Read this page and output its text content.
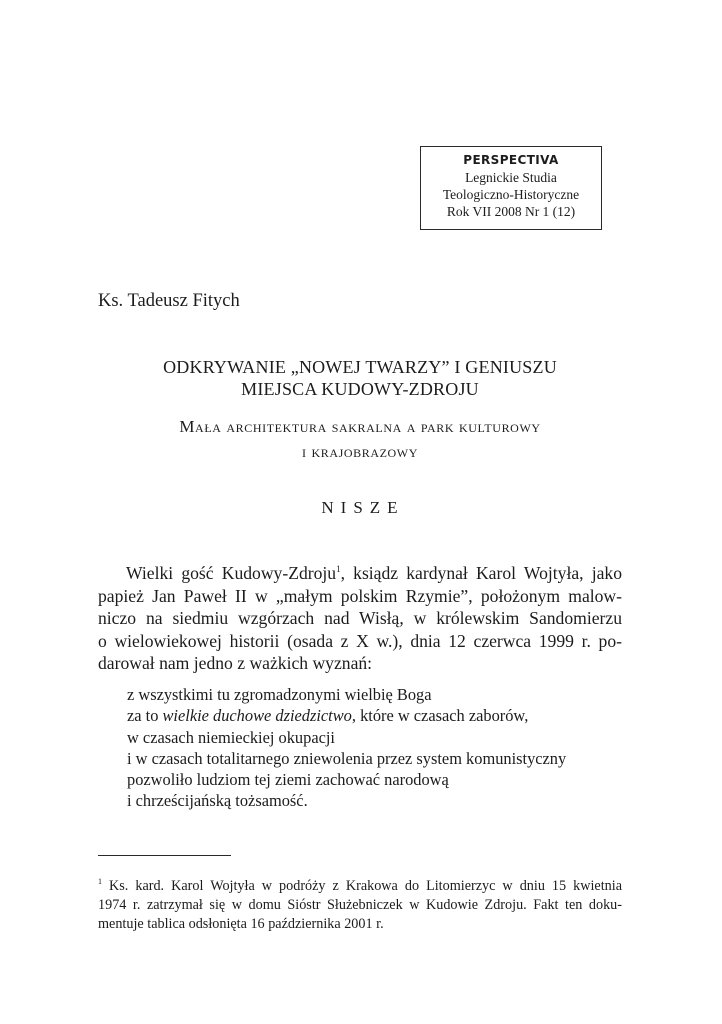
PERSPECTIVA
Legnickie Studia
Teologiczno-Historyczne
Rok VII 2008 Nr 1 (12)
Ks. Tadeusz Fitych
ODKRYWANIE „NOWEJ TWARZY” I GENIUSZU
MIEJSCA KUDOWY-ZDROJU
Mała architektura sakralna a park kulturowy
i krajobrazowy
NISZE
Wielki gość Kudowy-Zdroju$^1$, ksiądz kardynał Karol Wojtyła, jako
papież Jan Paweł II w „małym polskim Rzymie”, położonym malow-
niczo na siedmiu wzgórzach nad Wisłą, w królewskim Sandomierzu
o wielowiekowej historii (osada z X w.), dnia 12 czerwca 1999 r. po-
darował nam jedno z ważkich wyznań:
z wszystkimi tu zgromadzonymi wielbię Boga
za to wielkie duchowe dziedzictwo, które w czasach zaborów,
w czasach niemieckiej okupacji
i w czasach totalitarnego zniewolenia przez system komunistyczny
pozwoliło ludziom tej ziemi zachować narodową
i chrześcijańską tożsamość.
$^1$ Ks. kard. Karol Wojtyła w podróży z Krakowa do Litomierzyc w dniu 15 kwietnia
1974 r. zatrzymał się w domu Sióstr Służebniczek w Kudowie Zdroju. Fakt ten doku-
mentuje tablica odsłonięta 16 października 2001 r.
